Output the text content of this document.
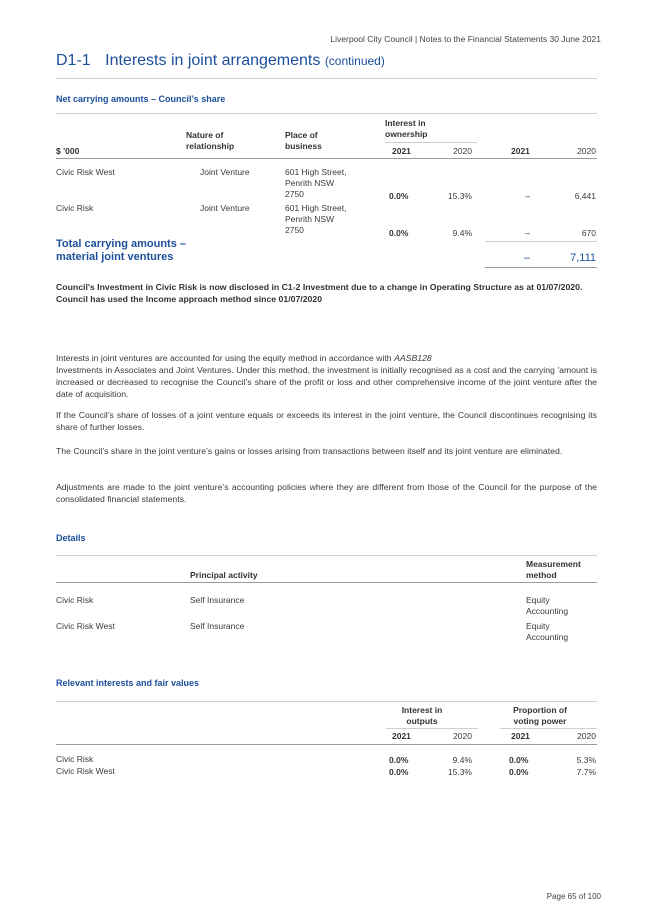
Liverpool City Council | Notes to the Financial Statements 30 June 2021
D1-1 Interests in joint arrangements (continued)
Net carrying amounts – Council’s share
Interest in
ownership
Nature of
relationship
Place of
business
$ '000	2021	2020	2021	2020
Civic Risk West	Joint Venture	601 High Street,
Penrith NSW
2750	0.0%	15.3%	–	6,441
Civic Risk	Joint Venture	601 High Street,
Penrith NSW
2750	0.0%	9.4%	–	670
Total carrying amounts –
material joint ventures	–	7,111
Council's Investment in Civic Risk is now disclosed in C1-2 Investment due to a change in Operating Structure as at 01/07/2020. Council has used the Income approach method since 01/07/2020
Interests in joint ventures are accounted for using the equity method in accordance with AASB128
Investments in Associates and Joint Ventures. Under this method, the investment is initially recognised as a cost and the carrying 'amount is increased or decreased to recognise the Council’s share of the profit or loss and other comprehensive income of the joint venture after the date of acquisition.
If the Council’s share of losses of a joint venture equals or exceeds its interest in the joint venture, the Council discontinues recognising its share of further losses.
The Council’s share in the joint venture’s gains or losses arising from transactions between itself and its joint venture are eliminated.
Adjustments are made to the joint venture’s accounting policies where they are different from those of the Council for the purpose of the consolidated financial statements.
Details
Principal activity
Measurement
method
Civic Risk	Self Insurance	Equity
Accounting
Civic Risk West	Self Insurance	Equity
Accounting
Relevant interests and fair values
Interest in
outputs
Proportion of
voting power
2021	2020	2021	2020
Civic Risk	0.0%	9.4%	0.0%	5.3%
Civic Risk West	0.0%	15.3%	0.0%	7.7%
Page 65 of 100
